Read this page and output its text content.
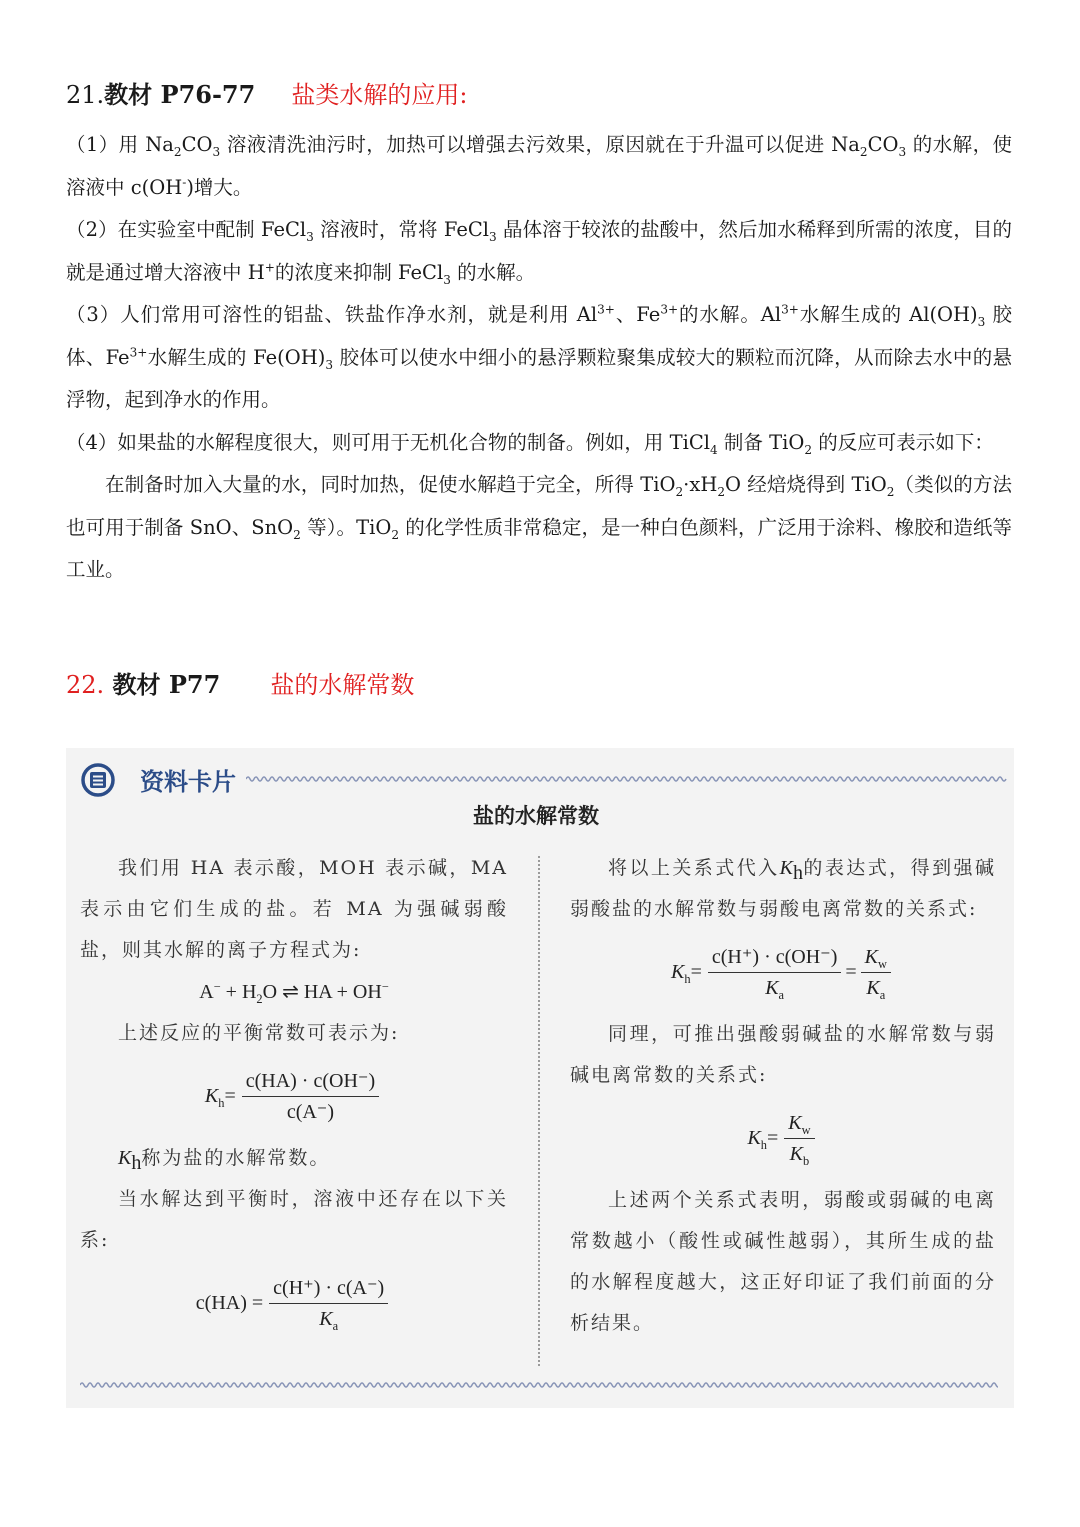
21.教材 P76-77 盐类水解的应用:

（1）用 $Na_2CO_3$ 溶液清洗油污时，加热可以增强去污效果，原因就在于升温可以促进 $Na_2CO_3$ 的水解，使溶液中 c(OH-)增大。

（2）在实验室中配制 FeCl$_3$ 溶液时，常将 FeCl$_3$ 晶体溶于较浓的盐酸中，然后加水稀释到所需的浓度，目的就是通过增大溶液中 H+的浓度来抑制 FeCl$_3$ 的水解。

（3）人们常用可溶性的铝盐、铁盐作净水剂，就是利用 $Al^{3+}$、$Fe^{3+}$的水解。$Al^{3+}$水解生成的 $Al(OH)_3$ 胶体、$Fe^{3+}$水解生成的 $Fe(OH)_3$ 胶体可以使水中细小的悬浮颗粒聚集成较大的颗粒而沉降，从而除去水中的悬浮物，起到净水的作用。

（4）如果盐的水解程度很大，则可用于无机化合物的制备。例如，用 TiCl$_4$ 制备 TiO$_2$ 的反应可表示如下：

在制备时加入大量的水，同时加热，促使水解趋于完全，所得 $TiO_2\cdot xH_2O$ 经焙烧得到 TiO$_2$（类似的方法也可用于制备 SnO、SnO$_2$ 等）。TiO$_2$ 的化学性质非常稳定，是一种白色颜料，广泛用于涂料、橡胶和造纸等工业。

22. 教材 P77 盐的水解常数
资料卡片
盐的水解常数

我们用 HA 表示酸，MOH 表示碱，MA 表示由它们生成的盐。若 MA 为强碱弱酸盐，则其水解的离子方程式为:

$A^- + H_2O$ ⇌ HA + OH−

上述反应的平衡常数可表示为:

$K_h= \frac{c(HA) \cdot c(OH^-)}{c(A^-)}$

$K_h$称为盐的水解常数。

当水解达到平衡时，溶液中还存在以下关系:

$c(HA) = \frac{c(H^+) \cdot c(A^-)}{K_a}$

将以上关系式代入$K_h$的表达式，得到强碱弱酸盐的水解常数与弱酸电离常数的关系式:

$K_h= \frac{c(H^+) \cdot c(OH^-)}{K_a} = \frac{K_w}{K_a}$

同理，可推出强酸弱碱盐的水解常数与弱碱电离常数的关系式:

$K_h= \frac{K_w}{K_b}$

上述两个关系式表明，弱酸或弱碱的电离常数越小（酸性或碱性越弱），其所生成的盐的水解程度越大，这正好印证了我们前面的分析结果。
